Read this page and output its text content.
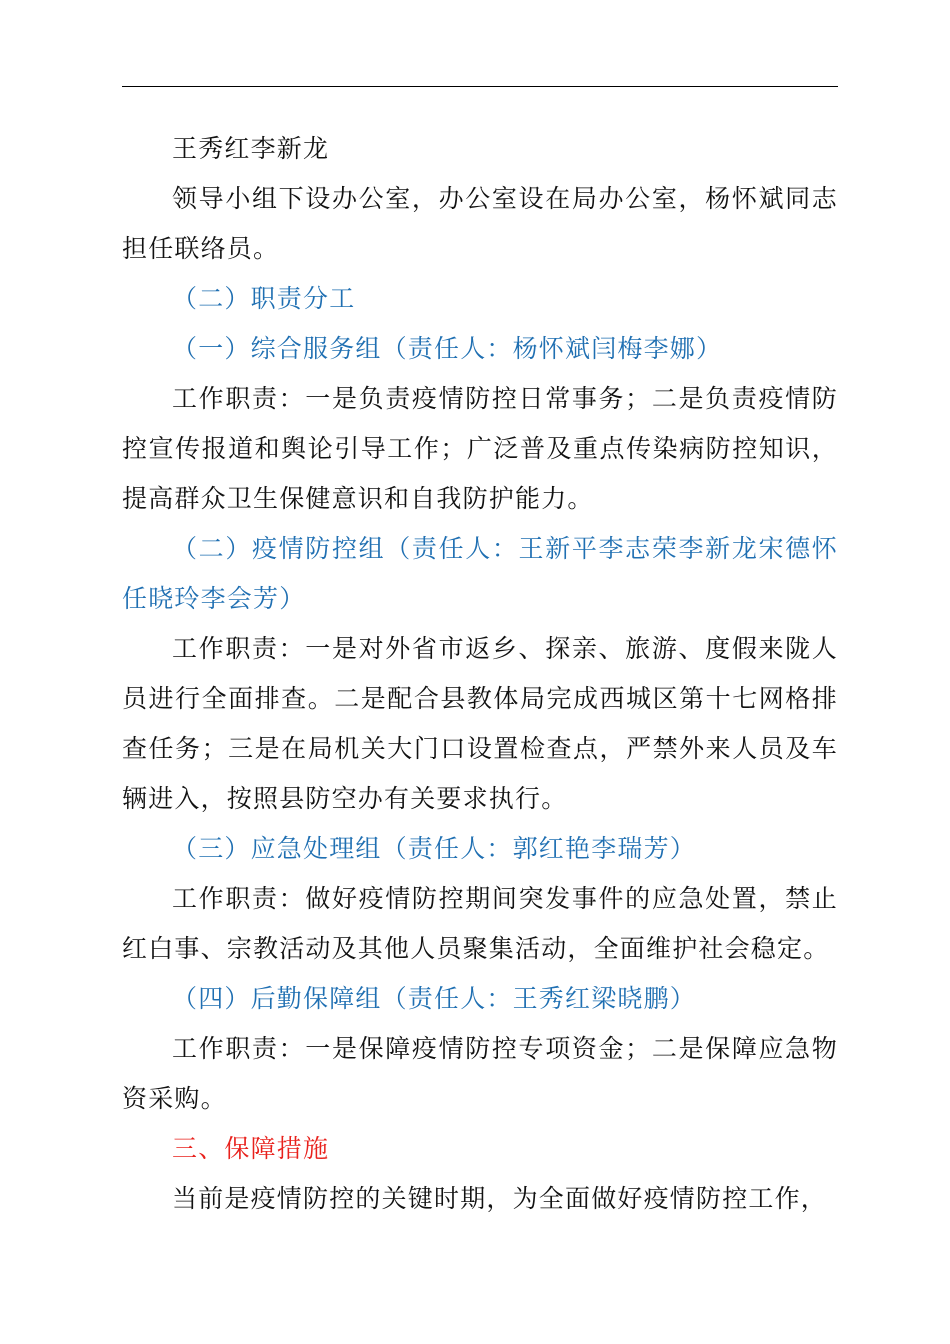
王秀红李新龙

领导小组下设办公室，办公室设在局办公室，杨怀斌同志担任联络员。

（二）职责分工

（一）综合服务组（责任人：杨怀斌闫梅李娜）

工作职责：一是负责疫情防控日常事务；二是负责疫情防控宣传报道和舆论引导工作；广泛普及重点传染病防控知识，提高群众卫生保健意识和自我防护能力。

（二）疫情防控组（责任人：王新平李志荣李新龙宋德怀任晓玲李会芳）

工作职责：一是对外省市返乡、探亲、旅游、度假来陇人员进行全面排查。二是配合县教体局完成西城区第十七网格排查任务；三是在局机关大门口设置检查点，严禁外来人员及车辆进入，按照县防空办有关要求执行。

（三）应急处理组（责任人：郭红艳李瑞芳）

工作职责：做好疫情防控期间突发事件的应急处置，禁止红白事、宗教活动及其他人员聚集活动，全面维护社会稳定。

（四）后勤保障组（责任人：王秀红梁晓鹏）

工作职责：一是保障疫情防控专项资金；二是保障应急物资采购。

三、保障措施

当前是疫情防控的关键时期，为全面做好疫情防控工作，
